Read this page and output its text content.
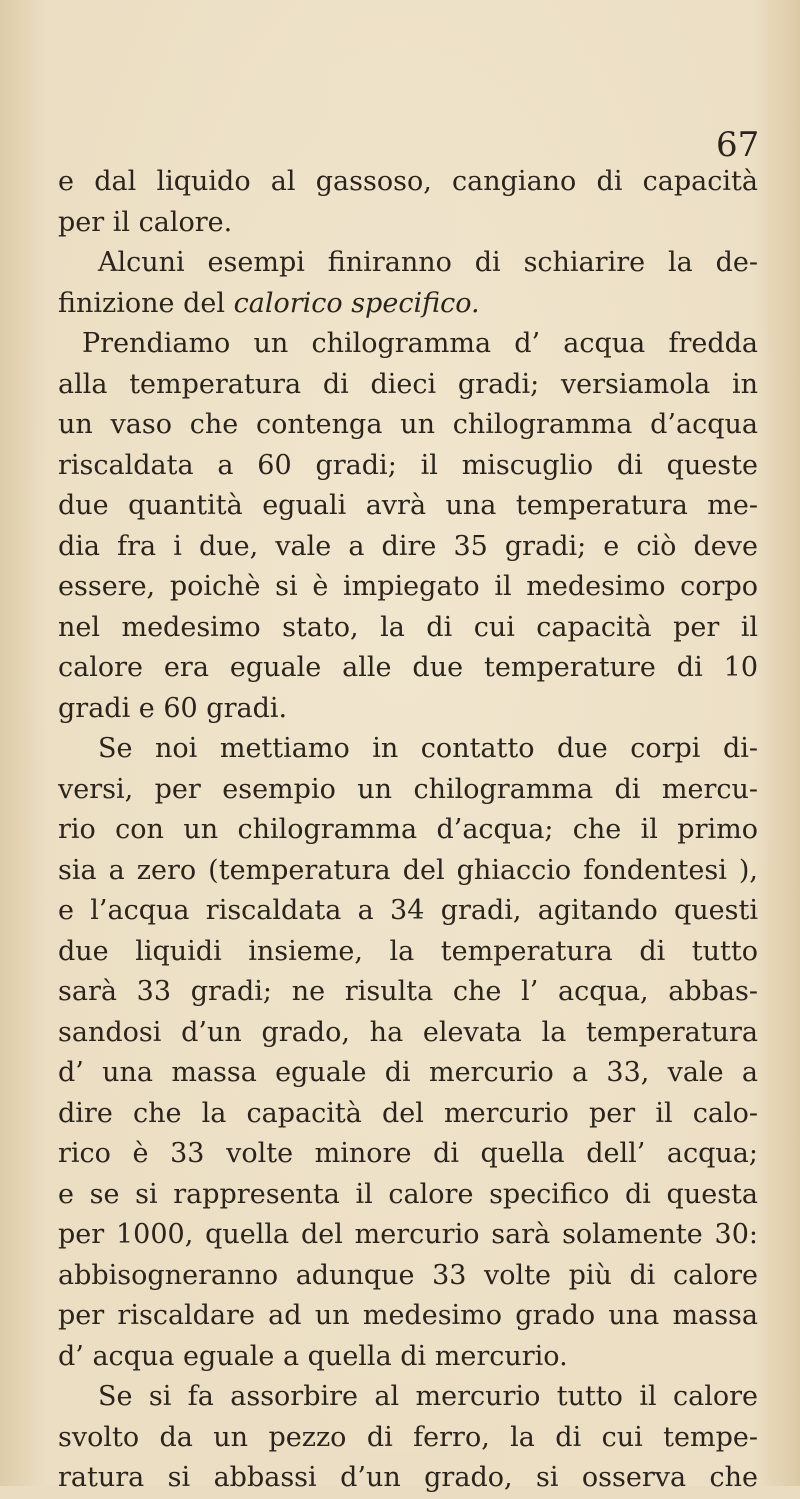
67
e dal liquido al gassoso, cangiano di capacità
per il calore.
Alcuni esempi finiranno di schiarire la de-
finizione del calorico specifico.
Prendiamo un chilogramma d’ acqua fredda
alla temperatura di dieci gradi; versiamola in
un vaso che contenga un chilogramma d’acqua
riscaldata a 60 gradi; il miscuglio di queste
due quantità eguali avrà una temperatura me-
dia fra i due, vale a dire 35 gradi; e ciò deve
essere, poichè si è impiegato il medesimo corpo
nel medesimo stato, la di cui capacità per il
calore era eguale alle due temperature di 10
gradi e 60 gradi.
Se noi mettiamo in contatto due corpi di-
versi, per esempio un chilogramma di mercu-
rio con un chilogramma d’acqua; che il primo
sia a zero (temperatura del ghiaccio fondentesi ),
e l’acqua riscaldata a 34 gradi, agitando questi
due liquidi insieme, la temperatura di tutto
sarà 33 gradi; ne risulta che l’ acqua, abbas-
sandosi d’un grado, ha elevata la temperatura
d’ una massa eguale di mercurio a 33, vale a
dire che la capacità del mercurio per il calo-
rico è 33 volte minore di quella dell’ acqua;
e se si rappresenta il calore specifico di questa
per 1000, quella del mercurio sarà solamente 30:
abbisogneranno adunque 33 volte più di calore
per riscaldare ad un medesimo grado una massa
d’ acqua eguale a quella di mercurio.
Se si fa assorbire al mercurio tutto il calore
svolto da un pezzo di ferro, la di cui tempe-
ratura si abbassi d’un grado, si osserva che
